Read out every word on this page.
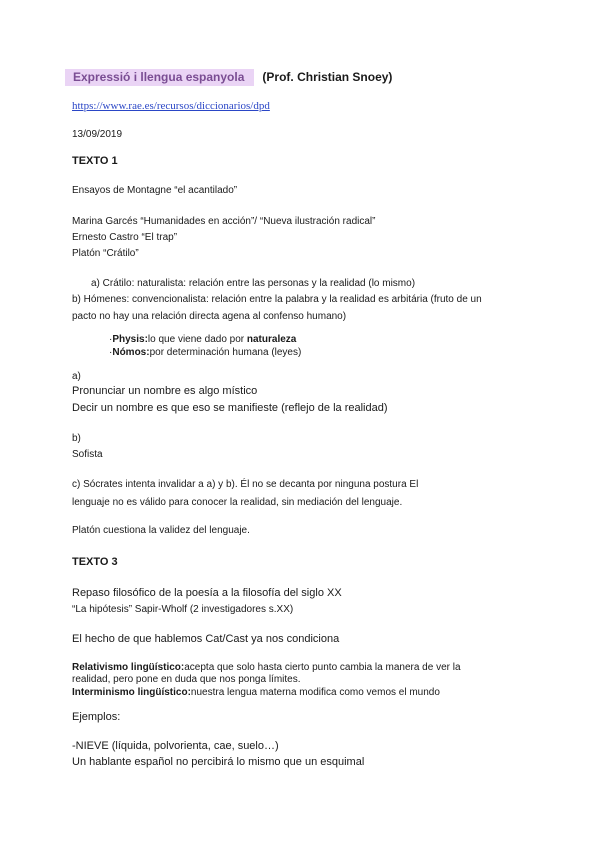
Expressió i llengua espanyola (Prof. Christian Snoey)
https://www.rae.es/recursos/diccionarios/dpd
13/09/2019
TEXTO 1
Ensayos de Montagne “el acantilado”
Marina Garcés “Humanidades en acción”/ “Nueva ilustración radical”
Ernesto Castro “El trap”
Platón “Crátilo”
a) Crátilo: naturalista: relación entre las personas y la realidad (lo mismo)
b) Hómenes: convencionalista: relación entre la palabra y la realidad es arbitária (fruto de un
pacto no hay una relación directa agena al confenso humano)
·Physis:lo que viene dado por naturaleza
·Nómos:por determinación humana (leyes)
a)
Pronunciar un nombre es algo místico
Decir un nombre es que eso se manifieste (reflejo de la realidad)
b)
Sofista
c) Sócrates intenta invalidar a a) y b). Él no se decanta por ninguna postura El
lenguaje no es válido para conocer la realidad, sin mediación del lenguaje.
Platón cuestiona la validez del lenguaje.
TEXTO 3
Repaso filosófico de la poesía a la filosofía del siglo XX
“La hipótesis” Sapir-Wholf (2 investigadores s.XX)
El hecho de que hablemos Cat/Cast ya nos condiciona
Relativismo lingüístico:acepta que solo hasta cierto punto cambia la manera de ver la
realidad, pero pone en duda que nos ponga límites.
Interminismo lingüístico:nuestra lengua materna modifica como vemos el mundo
Ejemplos:
-NIEVE (líquida, polvorienta, cae, suelo…)
Un hablante español no percibirá lo mismo que un esquimal
